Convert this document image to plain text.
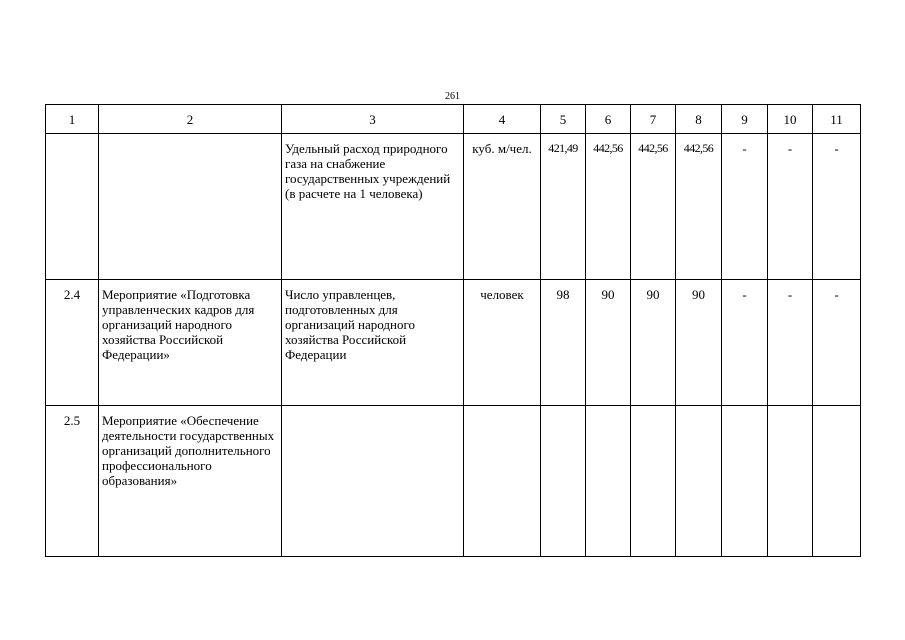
261
1	2	3	4	5	6	7	8	9	10	11
		Удельный расход природного газа на снабжение государственных учреждений (в расчете на 1 человека)	куб. м/чел.	421,49	442,56	442,56	442,56	-	-	-
2.4	Мероприятие «Подготовка управленческих кадров для организаций народного хозяйства Российской Федерации»	Число управленцев, подготовленных для организаций народного хозяйства Российской Федерации	человек	98	90	90	90	-	-	-
2.5	Мероприятие «Обеспечение деятельности государственных организаций дополнительного профессионального образования»									
